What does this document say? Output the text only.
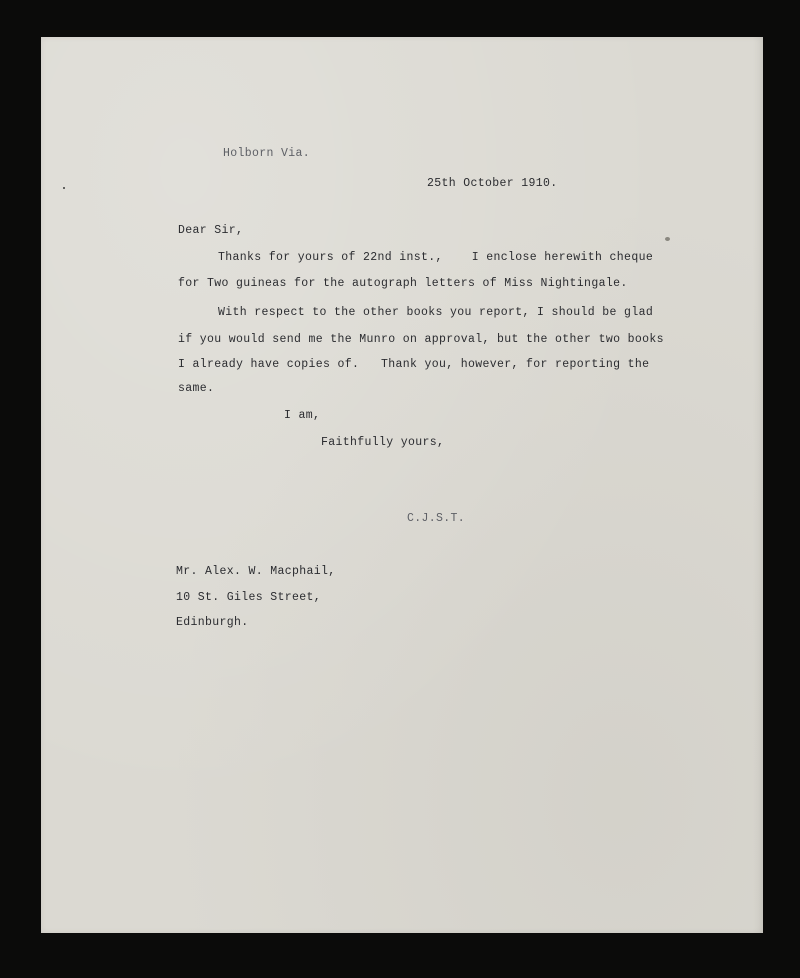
Holborn Via.
25th October 1910.
Dear Sir,
Thanks for yours of 22nd inst.,    I enclose herewith cheque
for Two guineas for the autograph letters of Miss Nightingale.
With respect to the other books you report, I should be glad
if you would send me the Munro on approval, but the other two books
I already have copies of.   Thank you, however, for reporting the
same.
I am,
Faithfully yours,
C.J.S.T.
Mr. Alex. W. Macphail,
10 St. Giles Street,
Edinburgh.
